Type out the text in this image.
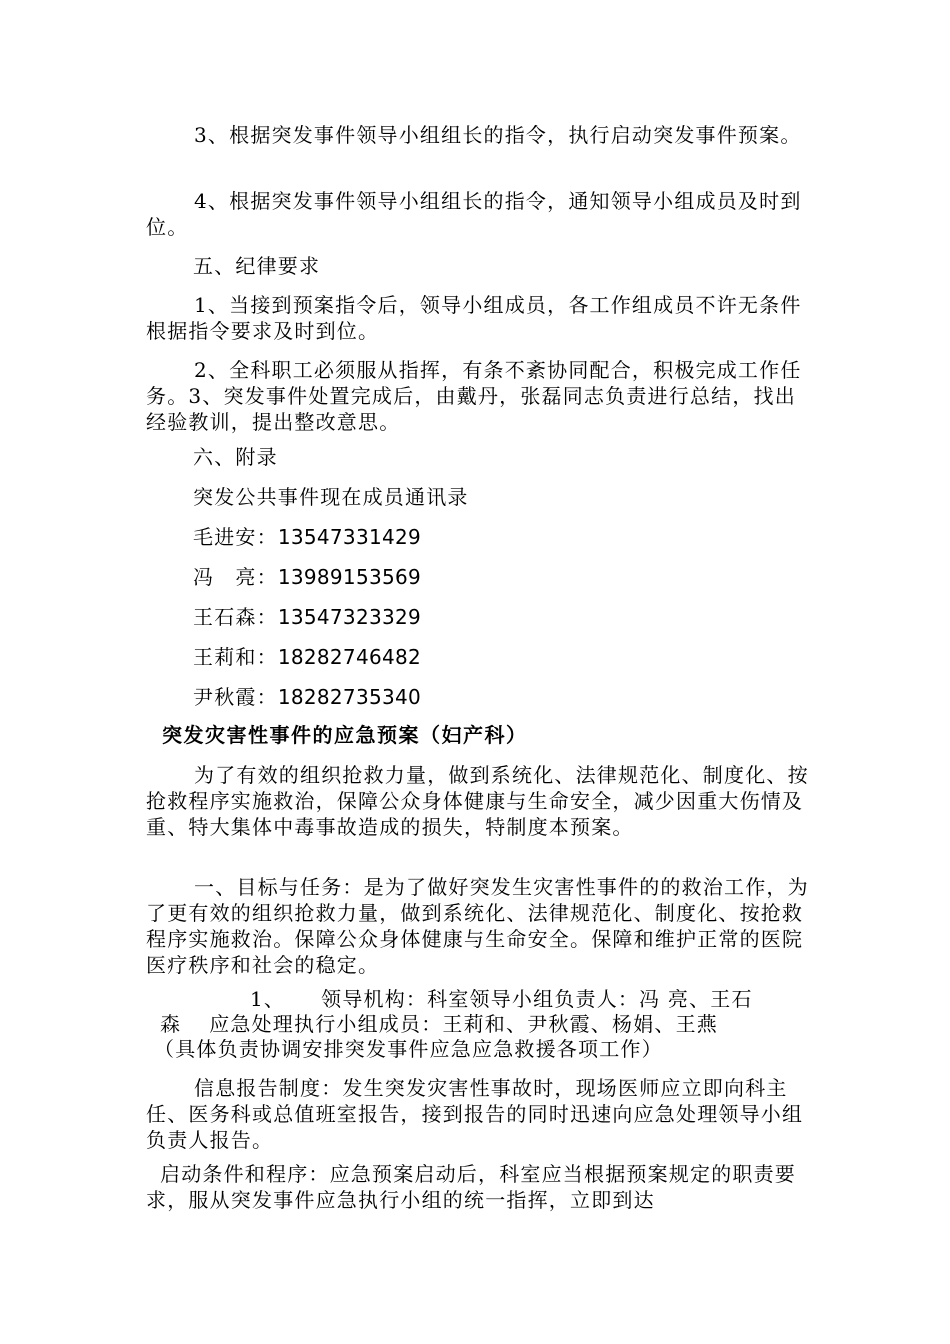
3、根据突发事件领导小组组长的指令，执行启动突发事件预案。

4、根据突发事件领导小组组长的指令，通知领导小组成员及时到位。

五、纪律要求

1、当接到预案指令后，领导小组成员，各工作组成员不许无条件根据指令要求及时到位。

2、全科职工必须服从指挥，有条不紊协同配合，积极完成工作任务。3、突发事件处置完成后，由戴丹，张磊同志负责进行总结，找出经验教训，提出整改意思。

六、附录

突发公共事件现在成员通讯录

毛进安：13547331429

冯　亮：13989153569

王石森：13547323329

王莉和：18282746482

尹秋霞：18282735340

突发灾害性事件的应急预案（妇产科）

为了有效的组织抢救力量，做到系统化、法律规范化、制度化、按抢救程序实施救治，保障公众身体健康与生命安全，减少因重大伤情及重、特大集体中毒事故造成的损失，特制度本预案。

一、目标与任务：是为了做好突发生灾害性事件的的救治工作，为了更有效的组织抢救力量，做到系统化、法律规范化、制度化、按抢救程序实施救治。保障公众身体健康与生命安全。保障和维护正常的医院医疗秩序和社会的稳定。

1、 领导机构：科室领导小组负责人：冯 亮、王石

森 应急处理执行小组成员：王莉和、尹秋霞、杨娟、王燕

（具体负责协调安排突发事件应急应急救援各项工作）

信息报告制度：发生突发灾害性事故时，现场医师应立即向科主任、医务科或总值班室报告，接到报告的同时迅速向应急处理领导小组负责人报告。

启动条件和程序：应急预案启动后，科室应当根据预案规定的职责要求，服从突发事件应急执行小组的统一指挥，立即到达
